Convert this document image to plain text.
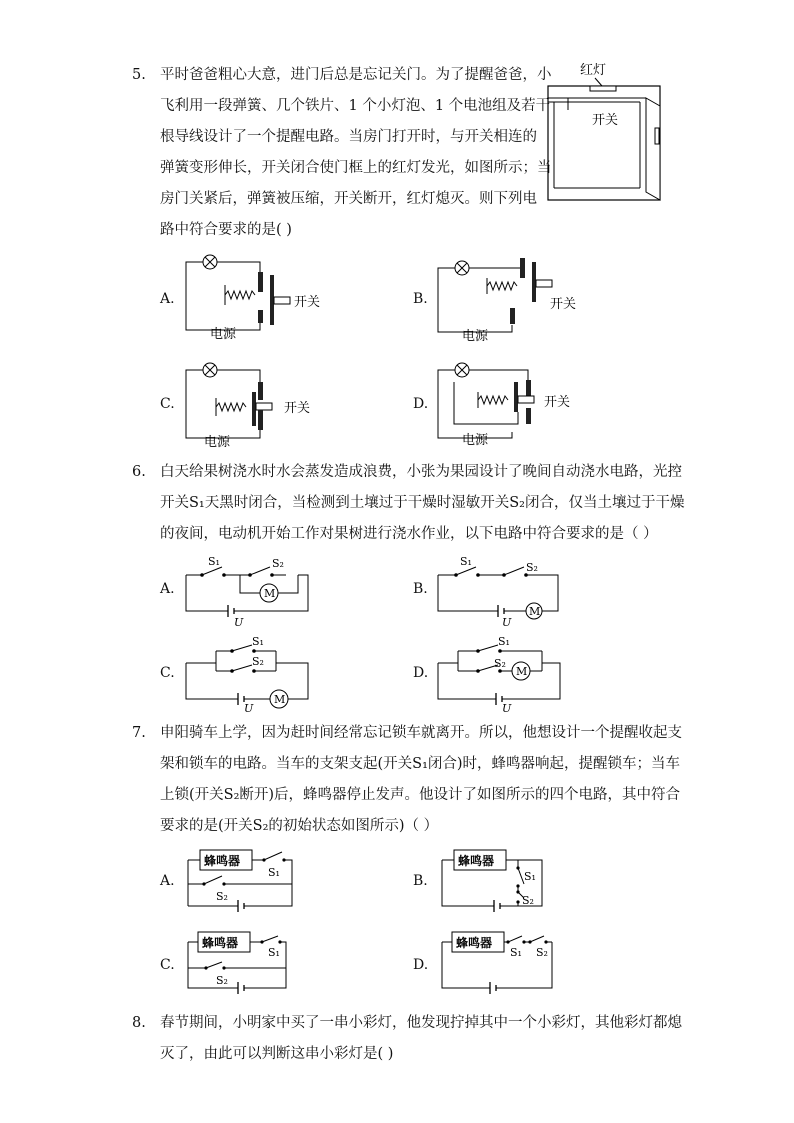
5. 平时爸爸粗心大意，进门后总是忘记关门。为了提醒爸爸，小
飞利用一段弹簧、几个铁片、1 个小灯泡、1 个电池组及若干
根导线设计了一个提醒电路。当房门打开时，与开关相连的
弹簧变形伸长，开关闭合使门框上的红灯发光，如图所示；当
房门关紧后，弹簧被压缩，开关断开，红灯熄灭。则下列电
路中符合要求的是( )
红灯
开关
A.	开关
电源
B.	开关
电源
C.	开关
电源
D.	开关
电源
6. 白天给果树浇水时水会蒸发造成浪费，小张为果园设计了晚间自动浇水电路，光控
开关S₁天黑时闭合，当检测到土壤过于干燥时湿敏开关S₂闭合，仅当土壤过于干燥
的夜间，电动机开始工作对果树进行浇水作业，以下电路中符合要求的是（ ）
A.	M
S₁	S₂
U
B.
M
S₁	S₂
U
C.
M
S₁
S₂
U
D.	M
S₁
S₂
U
7. 申阳骑车上学，因为赶时间经常忘记锁车就离开。所以，他想设计一个提醒收起支
架和锁车的电路。当车的支架支起(开关S₁闭合)时，蜂鸣器响起，提醒锁车；当车
上锁(开关S₂断开)后，蜂鸣器停止发声。他设计了如图所示的四个电路，其中符合
要求的是(开关S₂的初始状态如图所示)（ ）
A.
蜂鸣器
S₁
S₂
B.
蜂鸣器
S₁
S₂
C.
蜂鸣器
S₁
S₂
D.
蜂鸣器
S₁ S₂
8. 春节期间，小明家中买了一串小彩灯，他发现拧掉其中一个小彩灯，其他彩灯都熄
灭了，由此可以判断这串小彩灯是( )
